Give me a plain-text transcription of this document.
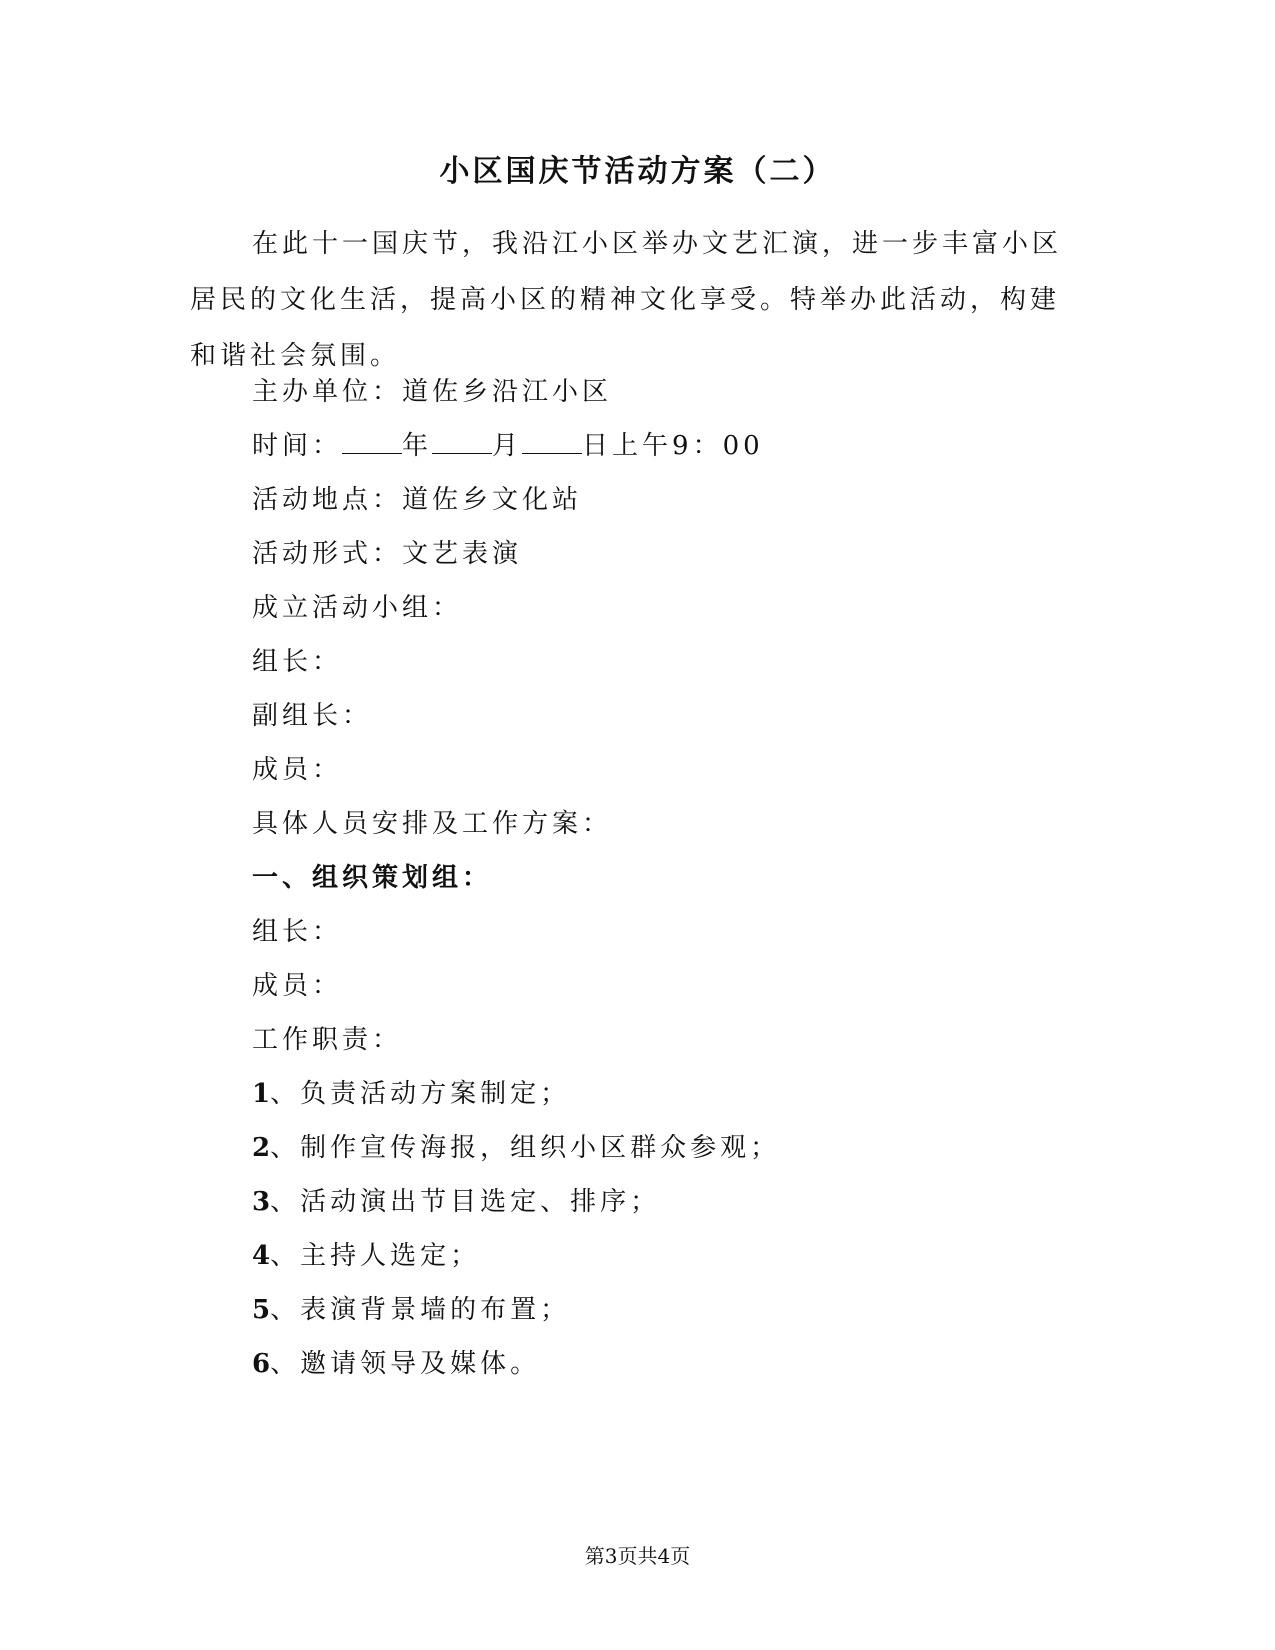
小区国庆节活动方案（二）

在此十一国庆节，我沿江小区举办文艺汇演，进一步丰富小区居民的文化生活，提高小区的精神文化享受。特举办此活动，构建和谐社会氛围。

主办单位：道佐乡沿江小区
时间： 年 月 日上午9：00
活动地点：道佐乡文化站
活动形式：文艺表演
成立活动小组：
组长：
副组长：
成员：
具体人员安排及工作方案：
一、组织策划组：
组长：
成员：
工作职责：
1、负责活动方案制定；
2、制作宣传海报，组织小区群众参观；
3、活动演出节目选定、排序；
4、主持人选定；
5、表演背景墙的布置；
6、邀请领导及媒体。
第3页共4页
